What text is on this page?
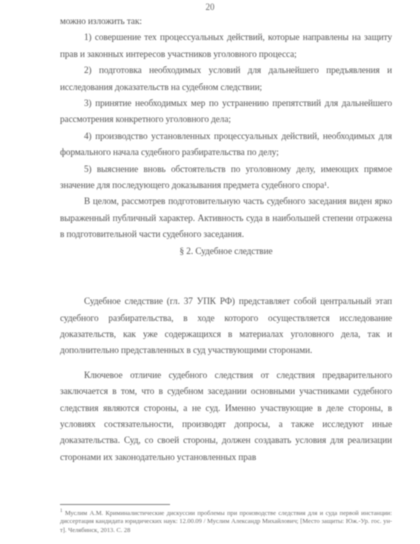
20

можно изложить так:

1) совершение тех процессуальных действий, которые направлены на защиту прав и законных интересов участников уголовного процесса;

2) подготовка необходимых условий для дальнейшего предъявления и исследования доказательств на судебном следствии;

3) принятие необходимых мер по устранению препятствий для дальнейшего рассмотрения конкретного уголовного дела;

4) производство установленных процессуальных действий, необходимых для формального начала судебного разбирательства по делу;

5) выяснение вновь обстоятельств по уголовному делу, имеющих прямое значение для последующего доказывания предмета судебного спора¹.

В целом, рассмотрев подготовительную часть судебного заседания виден ярко выраженный публичный характер. Активность суда в наибольшей степени отражена в подготовительной части судебного заседания.

§ 2. Судебное следствие

Судебное следствие (гл. 37 УПК РФ) представляет собой центральный этап судебного разбирательства, в ходе которого осуществляется исследование доказательств, как уже содержащихся в материалах уголовного дела, так и дополнительно представленных в суд участвующими сторонами.

Ключевое отличие судебного следствия от следствия предварительного заключается в том, что в судебном заседании основными участниками судебного следствия являются стороны, а не суд. Именно участвующие в деле стороны, в условиях состязательности, производят допросы, а также исследуют иные доказательства. Суд, со своей стороны, должен создавать условия для реализации сторонами их законодательно установленных прав

$^1$ Муслим А.М. Криминалистические дискуссии проблемы при производстве следствия для и суда первой инстанции: диссертация кандидата юридических наук: 12.00.09 / Муслим Александр Михайлович; [Место защиты: Юж.-Ур. гос. ун-т]. Челябинск, 2013. С. 28
